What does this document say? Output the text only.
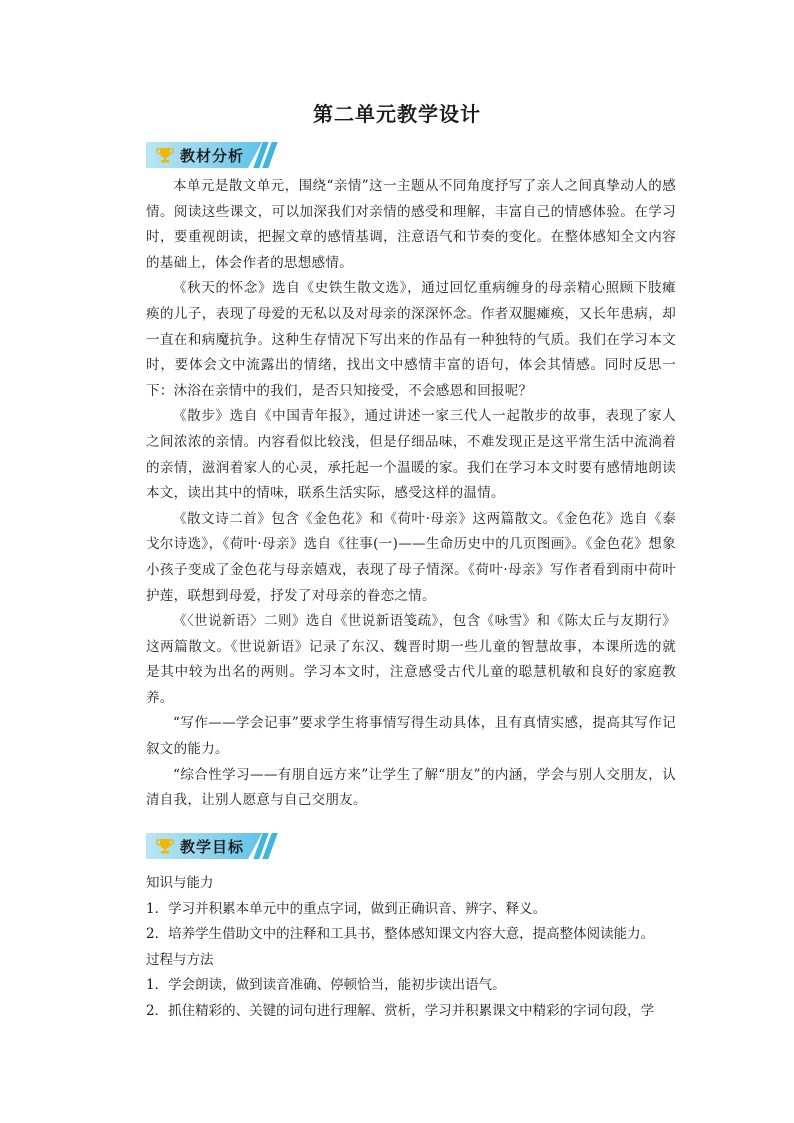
第二单元教学设计
教材分析

本单元是散文单元，围绕“亲情”这一主题从不同角度抒写了亲人之间真挚动人的感情。阅读这些课文，可以加深我们对亲情的感受和理解，丰富自己的情感体验。在学习时，要重视朗读，把握文章的感情基调，注意语气和节奏的变化。在整体感知全文内容的基础上，体会作者的思想感情。

《秋天的怀念》选自《史铁生散文选》，通过回忆重病缠身的母亲精心照顾下肢瘫痪的儿子，表现了母爱的无私以及对母亲的深深怀念。作者双腿瘫痪，又长年患病，却一直在和病魔抗争。这种生存情况下写出来的作品有一种独特的气质。我们在学习本文时，要体会文中流露出的情绪，找出文中感情丰富的语句，体会其情感。同时反思一下：沐浴在亲情中的我们，是否只知接受，不会感恩和回报呢？

《散步》选自《中国青年报》，通过讲述一家三代人一起散步的故事，表现了家人之间浓浓的亲情。内容看似比较浅，但是仔细品味，不难发现正是这平常生活中流淌着的亲情，滋润着家人的心灵，承托起一个温暖的家。我们在学习本文时要有感情地朗读本文，读出其中的情味，联系生活实际，感受这样的温情。

《散文诗二首》包含《金色花》和《荷叶·母亲》这两篇散文。《金色花》选自《泰戈尔诗选》，《荷叶·母亲》选自《往事(一)——生命历史中的几页图画》。《金色花》想象小孩子变成了金色花与母亲嬉戏，表现了母子情深。《荷叶·母亲》写作者看到雨中荷叶护莲，联想到母爱，抒发了对母亲的眷恋之情。

《〈世说新语〉二则》选自《世说新语笺疏》，包含《咏雪》和《陈太丘与友期行》这两篇散文。《世说新语》记录了东汉、魏晋时期一些儿童的智慧故事，本课所选的就是其中较为出名的两则。学习本文时，注意感受古代儿童的聪慧机敏和良好的家庭教养。

“写作——学会记事”要求学生将事情写得生动具体，且有真情实感，提高其写作记叙文的能力。

“综合性学习——有朋自远方来”让学生了解“朋友”的内涵，学会与别人交朋友，认清自我，让别人愿意与自己交朋友。

教学目标
知识与能力
1．学习并积累本单元中的重点字词，做到正确识音、辨字、释义。
2．培养学生借助文中的注释和工具书，整体感知课文内容大意，提高整体阅读能力。
过程与方法
1．学会朗读，做到读音准确、停顿恰当，能初步读出语气。
2．抓住精彩的、关键的词句进行理解、赏析，学习并积累课文中精彩的字词句段，学
